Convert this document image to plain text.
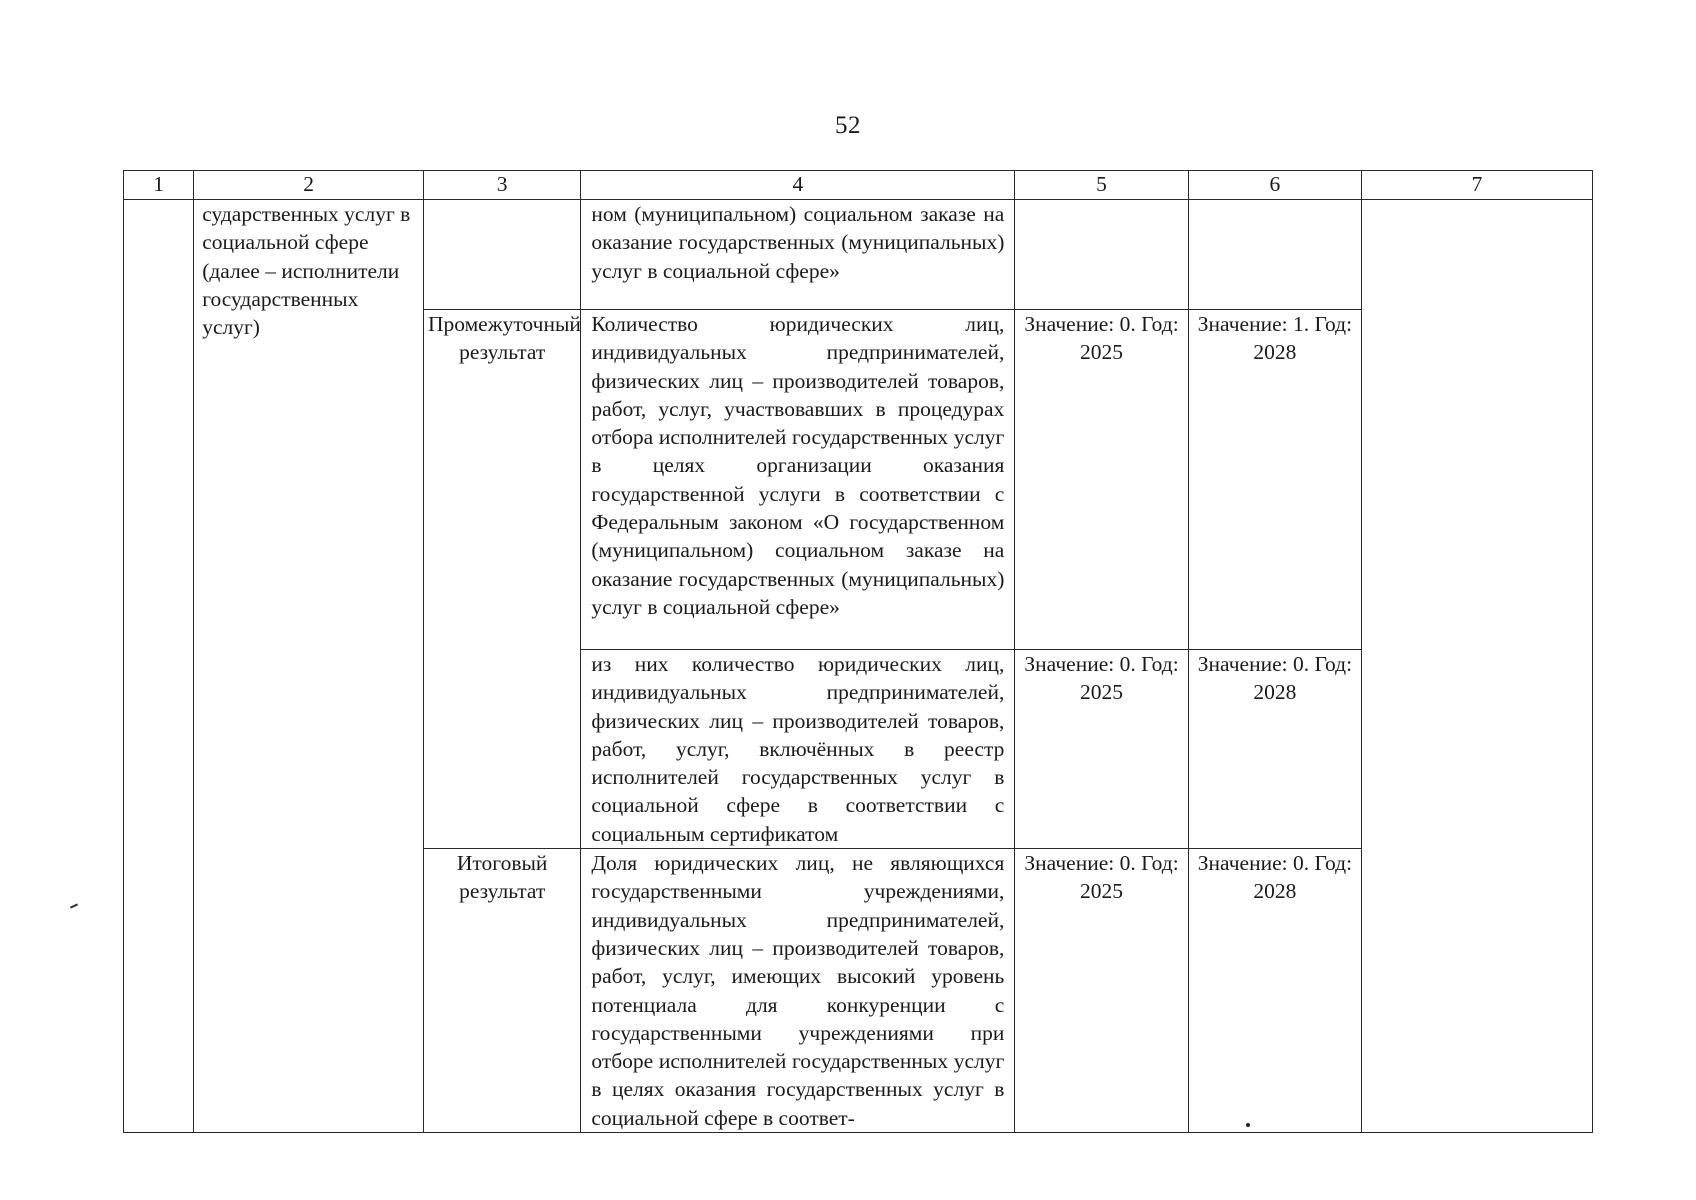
52
1	2	3	4	5	6	7
	сударственных услуг в социальной сфере (далее – исполнители государственных услуг)		ном (муниципальном) социальном заказе на оказание государственных (муниципальных) услуг в социальной сфере»			
		Промежуточный результат	Количество юридических лиц, индивидуальных предпринимателей, физических лиц – производителей товаров, работ, услуг, участвовавших в процедурах отбора исполнителей государственных услуг в целях организации оказания государственной услуги в соответствии с Федеральным законом «О государственном (муниципальном) социальном заказе на оказание государственных (муниципальных) услуг в социальной сфере»	Значение: 0. Год: 2025	Значение: 1. Год: 2028	
			из них количество юридических лиц, индивидуальных предпринимателей, физических лиц – производителей товаров, работ, услуг, включённых в реестр исполнителей государственных услуг в социальной сфере в соответствии с социальным сертификатом	Значение: 0. Год: 2025	Значение: 0. Год: 2028	
		Итоговый результат	Доля юридических лиц, не являющихся государственными учреждениями, индивидуальных предпринимателей, физических лиц – производителей товаров, работ, услуг, имеющих высокий уровень потенциала для конкуренции с государственными учреждениями при отборе исполнителей государственных услуг в целях оказания государственных услуг в социальной сфере в соответ-	Значение: 0. Год: 2025	Значение: 0. Год: 2028	
